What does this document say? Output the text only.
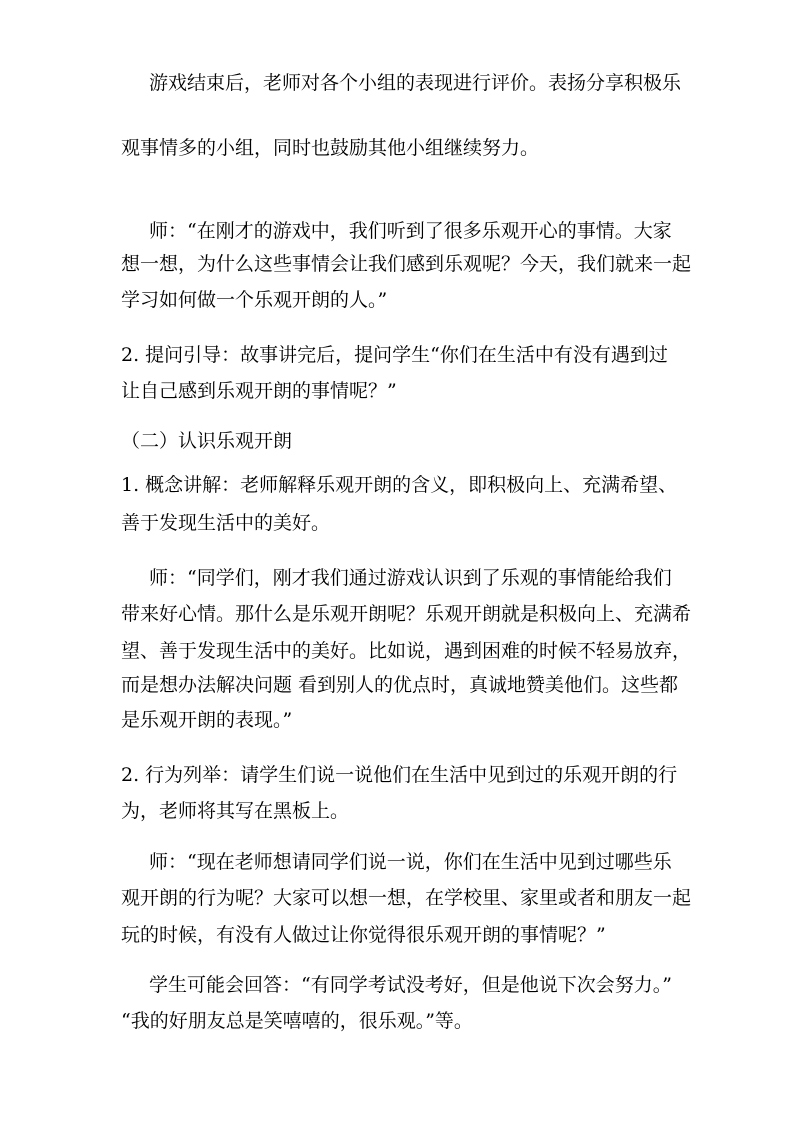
游戏结束后，老师对各个小组的表现进行评价。表扬分享积极乐
观事情多的小组，同时也鼓励其他小组继续努力。
师：“在刚才的游戏中，我们听到了很多乐观开心的事情。大家
想一想，为什么这些事情会让我们感到乐观呢？今天，我们就来一起
学习如何做一个乐观开朗的人。”
2. 提问引导：故事讲完后，提问学生“你们在生活中有没有遇到过
让自己感到乐观开朗的事情呢？”
（二）认识乐观开朗
1. 概念讲解：老师解释乐观开朗的含义，即积极向上、充满希望、
善于发现生活中的美好。
师：“同学们，刚才我们通过游戏认识到了乐观的事情能给我们
带来好心情。那什么是乐观开朗呢？乐观开朗就是积极向上、充满希
望、善于发现生活中的美好。比如说，遇到困难的时候不轻易放弃，
而是想办法解决问题 看到别人的优点时，真诚地赞美他们。这些都
是乐观开朗的表现。”
2. 行为列举：请学生们说一说他们在生活中见到过的乐观开朗的行
为，老师将其写在黑板上。
师：“现在老师想请同学们说一说，你们在生活中见到过哪些乐
观开朗的行为呢？大家可以想一想，在学校里、家里或者和朋友一起
玩的时候，有没有人做过让你觉得很乐观开朗的事情呢？”
学生可能会回答：“有同学考试没考好，但是他说下次会努力。”
“我的好朋友总是笑嘻嘻的，很乐观。”等。
